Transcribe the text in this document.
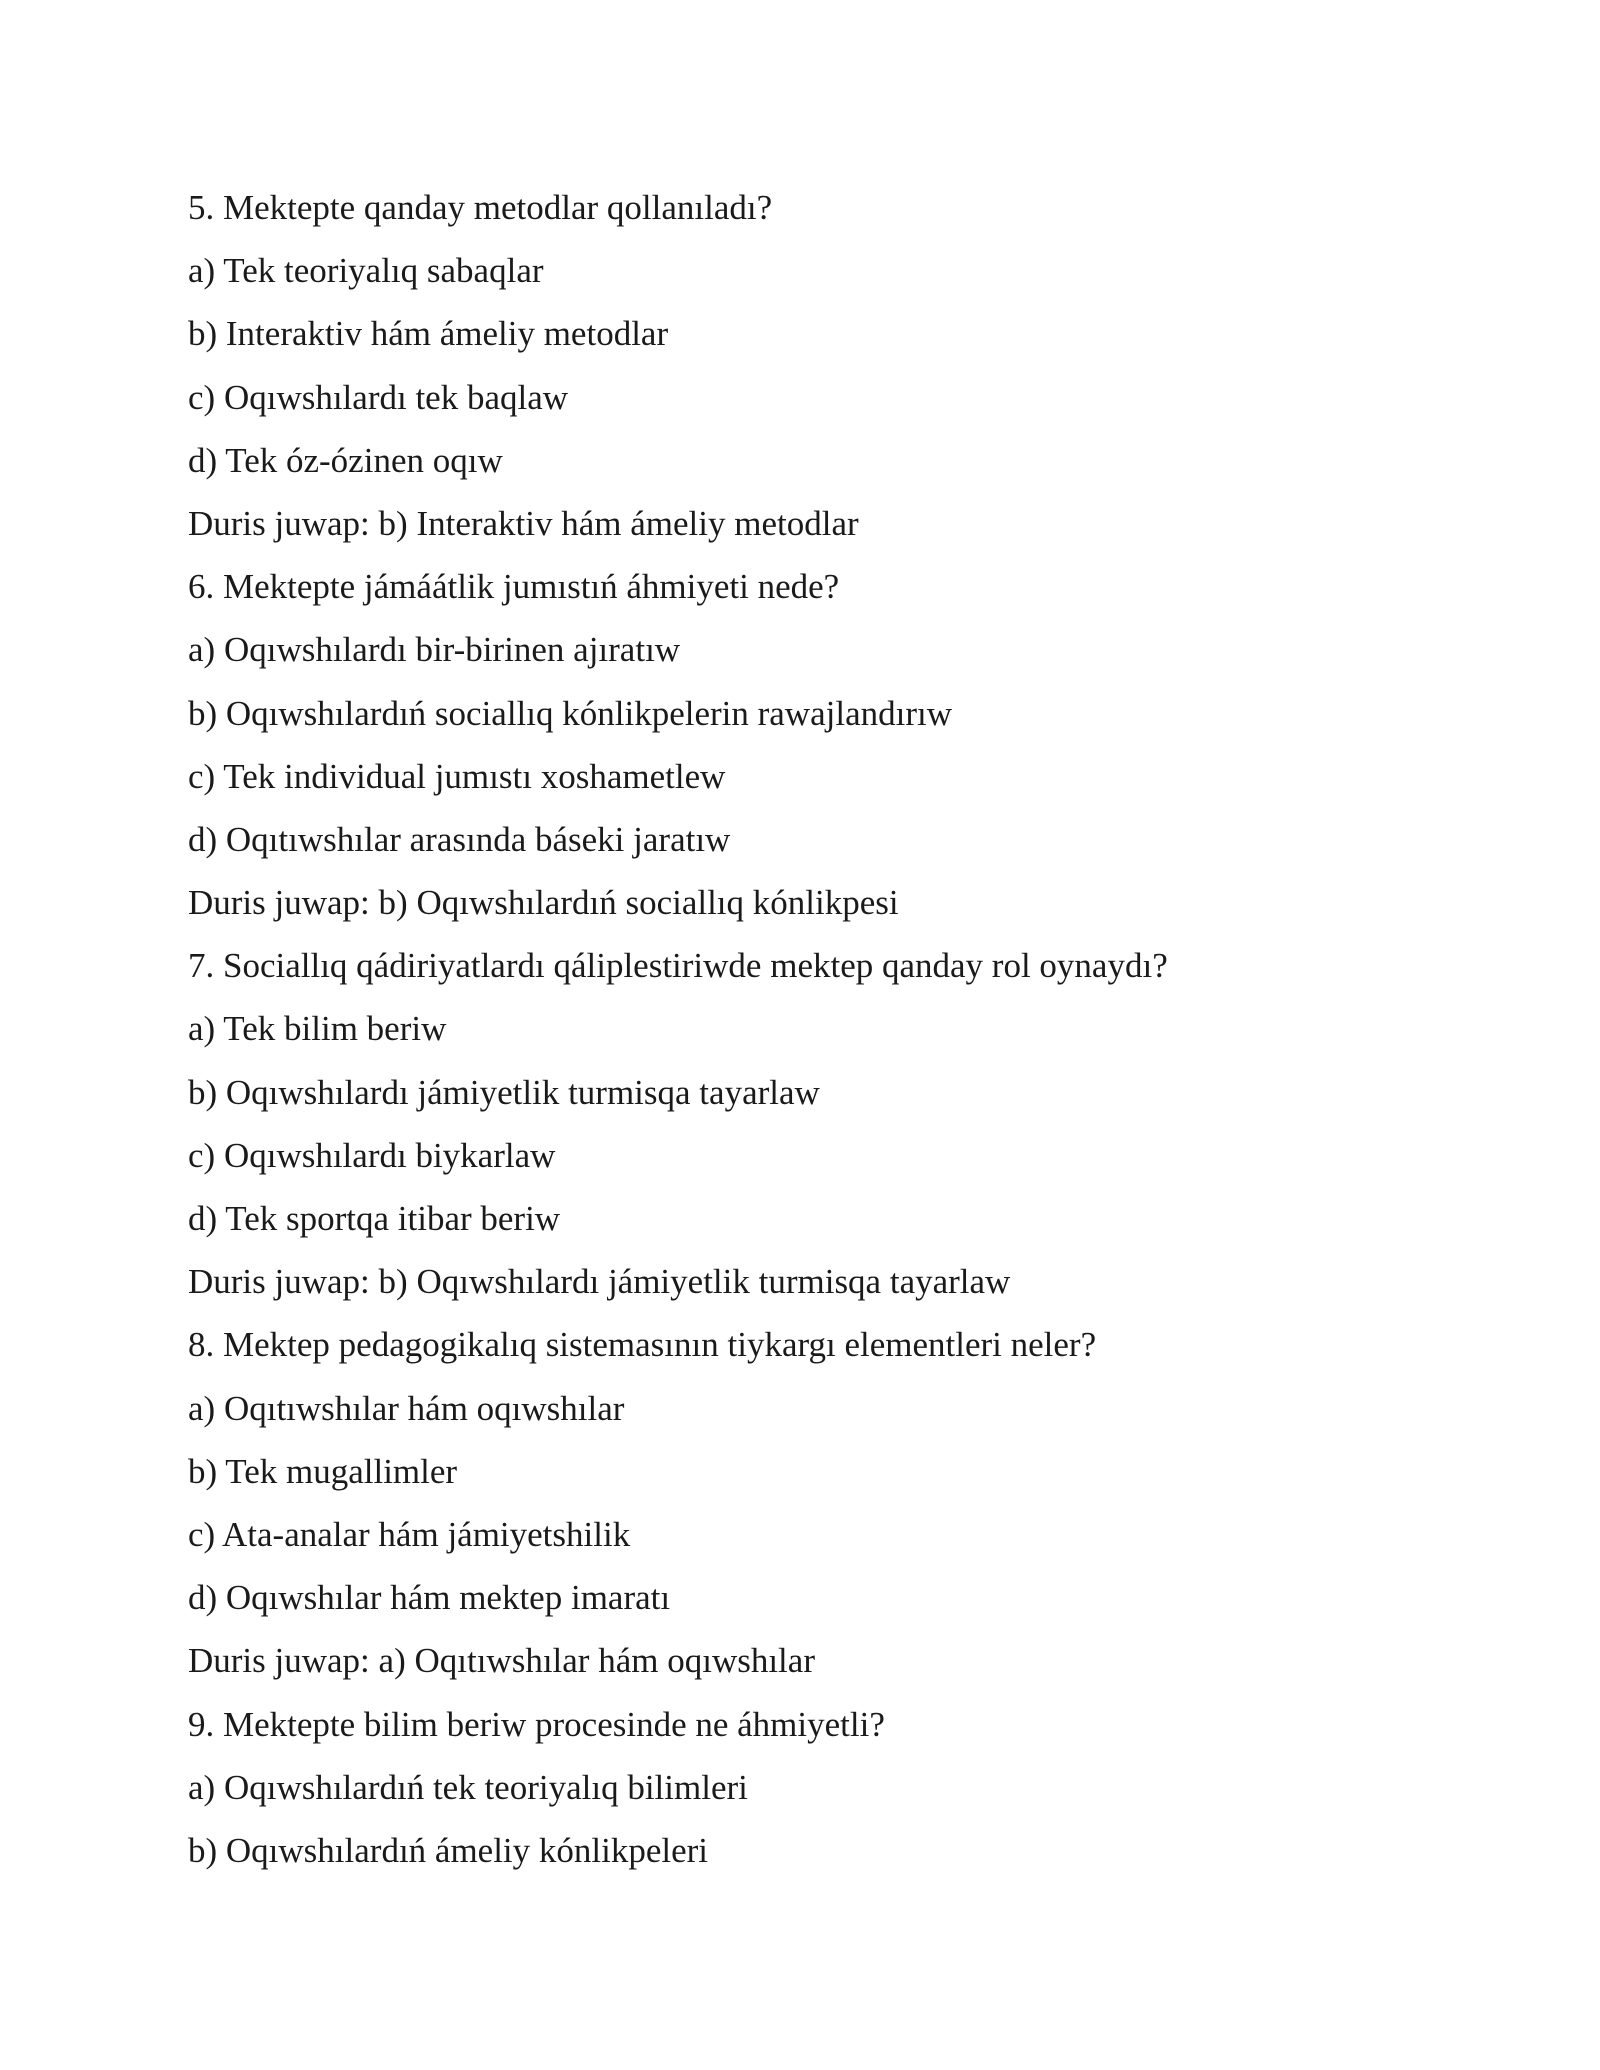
5. Mektepte qanday metodlar qollanıladı?
a) Tek teoriyalıq sabaqlar
b) Interaktiv hám ámeliy metodlar
c) Oqıwshılardı tek baqlaw
d) Tek óz-ózinen oqıw
Duris juwap: b) Interaktiv hám ámeliy metodlar
6. Mektepte jámáátlik jumıstıń áhmiyeti nede?
a) Oqıwshılardı bir-birinen ajıratıw
b) Oqıwshılardıń sociallıq kónlikpelerin rawajlandırıw
c) Tek individual jumıstı xoshametlew
d) Oqıtıwshılar arasında báseki jaratıw
Duris juwap: b) Oqıwshılardıń sociallıq kónlikpesi
7. Sociallıq qádiriyatlardı qáliplestiriwde mektep qanday rol oynaydı?
a) Tek bilim beriw
b) Oqıwshılardı jámiyetlik turmisqa tayarlaw
c) Oqıwshılardı biykarlaw
d) Tek sportqa itibar beriw
Duris juwap: b) Oqıwshılardı jámiyetlik turmisqa tayarlaw
8. Mektep pedagogikalıq sistemasının tiykargı elementleri neler?
a) Oqıtıwshılar hám oqıwshılar
b) Tek mugallimler
c) Ata-analar hám jámiyetshilik
d) Oqıwshılar hám mektep imaratı
Duris juwap: a) Oqıtıwshılar hám oqıwshılar
9. Mektepte bilim beriw procesinde ne áhmiyetli?
a) Oqıwshılardıń tek teoriyalıq bilimleri
b) Oqıwshılardıń ámeliy kónlikpeleri
